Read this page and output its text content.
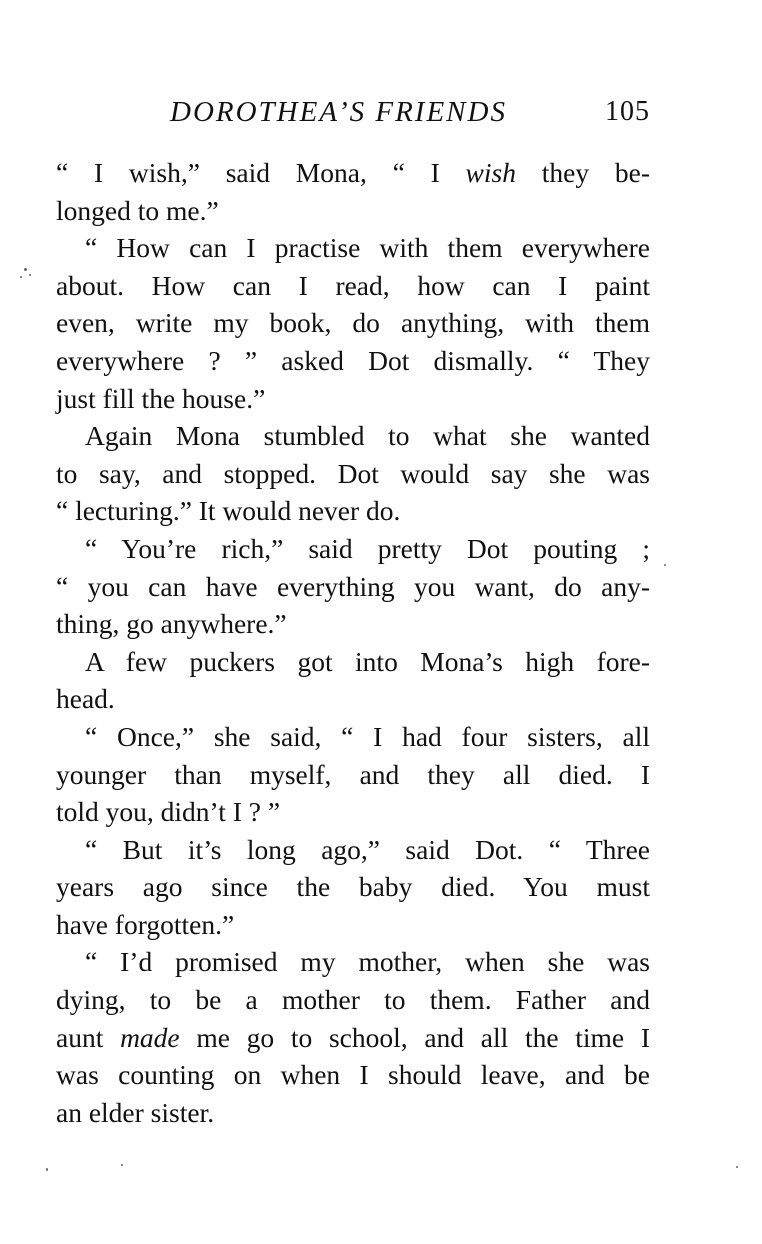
DOROTHEA’S FRIENDS	105
“ I wish,” said Mona, “ I wish they be-
longed to me.”
“ How can I practise with them everywhere
about. How can I read, how can I paint
even, write my book, do anything, with them
everywhere ? ” asked Dot dismally. “ They
just fill the house.”
Again Mona stumbled to what she wanted
to say, and stopped. Dot would say she was
“ lecturing.” It would never do.
“ You’re rich,” said pretty Dot pouting ;
“ you can have everything you want, do any-
thing, go anywhere.”
A few puckers got into Mona’s high fore-
head.
“ Once,” she said, “ I had four sisters, all
younger than myself, and they all died. I
told you, didn’t I ? ”
“ But it’s long ago,” said Dot. “ Three
years ago since the baby died. You must
have forgotten.”
“ I’d promised my mother, when she was
dying, to be a mother to them. Father and
aunt made me go to school, and all the time I
was counting on when I should leave, and be
an elder sister.
